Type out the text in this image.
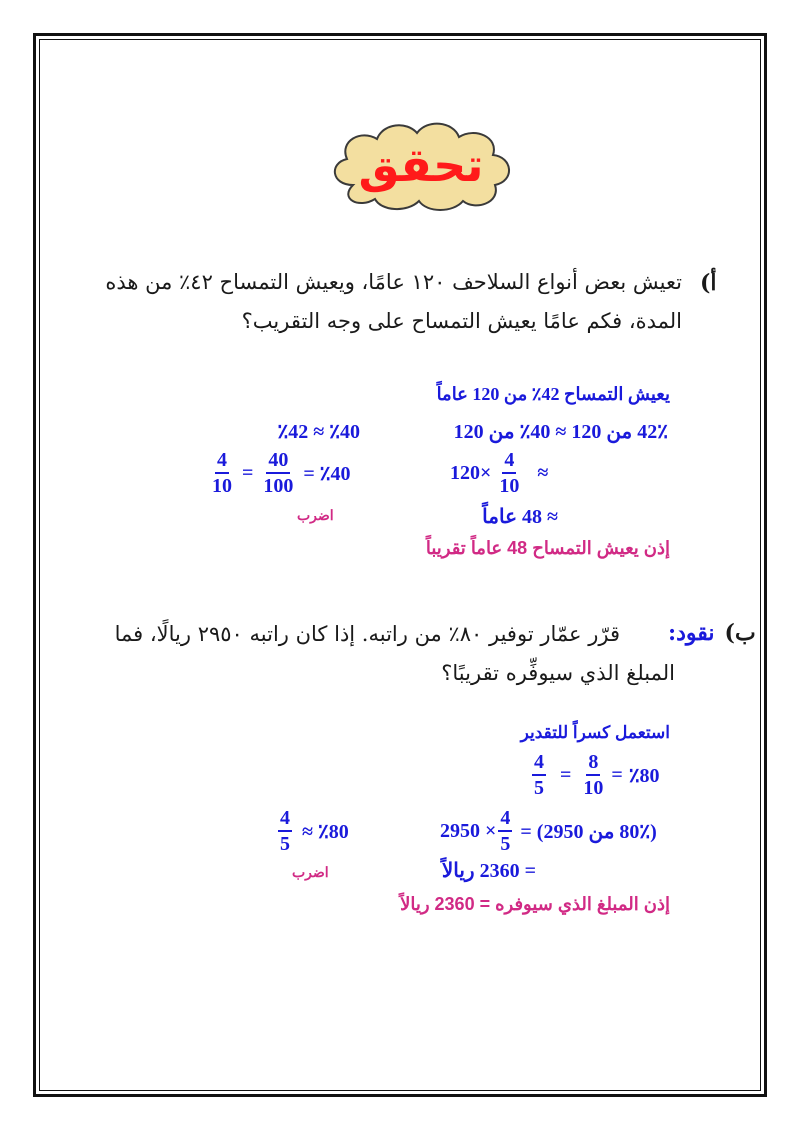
تحقق
أ)
تعيش بعض أنواع السلاحف ١٢٠ عامًا، ويعيش التمساح ٤٢٪ من هذه
المدة، فكم عامًا يعيش التمساح على وجه التقريب؟
يعيش التمساح 42٪ من 120 عاماً
42٪ من 120 ≈ 40٪ من 120
٪40 ≈ ٪42
$120\times \frac{4}{10}$ ≈
$\frac{4}{10} = \frac{40}{100}$ = ٪40
≈ 48 عاماً
اضرب
إذن يعيش التمساح 48 عاماً تقريباً
ب)
نقود:
قرّر عمّار توفير ٨٠٪ من راتبه. إذا كان راتبه ٢٩٥٠ ريالًا، فما
المبلغ الذي سيوفِّره تقريبًا؟
استعمل كسراً للتقدير
$\frac{4}{5} = \frac{8}{10}$ = ٪80
$2950 \times \frac{4}{5}$ (80٪ من 2950) =
$\frac{4}{5}$ ≈ ٪80
= 2360 ريالاً
اضرب
إذن المبلغ الذي سيوفره = 2360 ريالاً
